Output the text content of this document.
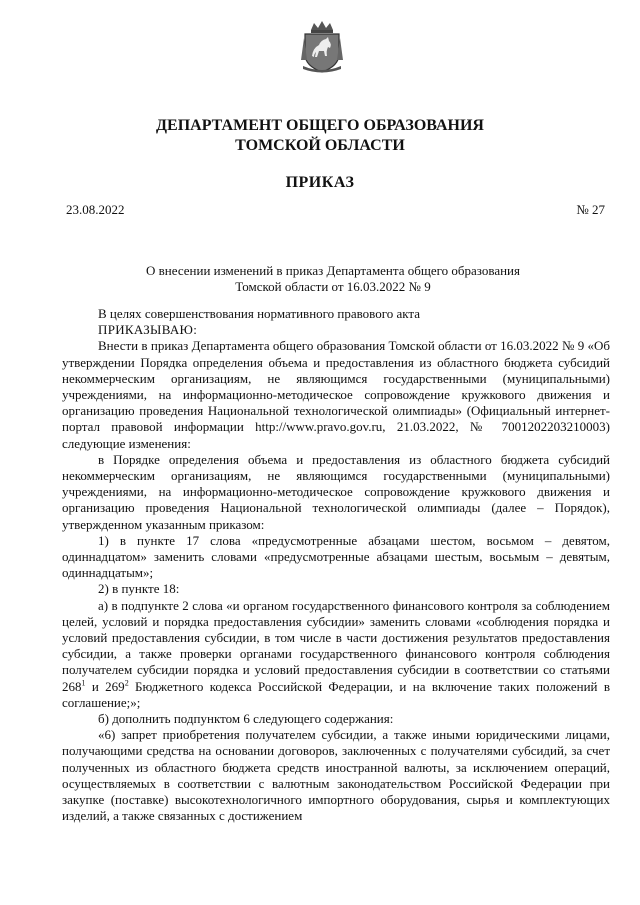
ДЕПАРТАМЕНТ ОБЩЕГО ОБРАЗОВАНИЯ
ТОМСКОЙ ОБЛАСТИ
ПРИКАЗ
23.08.2022	№ 27
О внесении изменений в приказ Департамента общего образования
Томской области от 16.03.2022 № 9

В целях совершенствования нормативного правового акта

ПРИКАЗЫВАЮ:

Внести в приказ Департамента общего образования Томской области от 16.03.2022 № 9 «Об утверждении Порядка определения объема и предоставления из областного бюджета субсидий некоммерческим организациям, не являющимся государственными (муниципальными) учреждениями, на информационно-методическое сопровождение кружкового движения и организацию проведения Национальной технологической олимпиады» (Официальный интернет-портал правовой информации http://www.pravo.gov.ru, 21.03.2022, № 7001202203210003) следующие изменения:

в Порядке определения объема и предоставления из областного бюджета субсидий некоммерческим организациям, не являющимся государственными (муниципальными) учреждениями, на информационно-методическое сопровождение кружкового движения и организацию проведения Национальной технологической олимпиады (далее – Порядок), утвержденном указанным приказом:

1) в пункте 17 слова «предусмотренные абзацами шестом, восьмом – девятом, одиннадцатом» заменить словами «предусмотренные абзацами шестым, восьмым – девятым, одиннадцатым»;

2) в пункте 18:

а) в подпункте 2 слова «и органом государственного финансового контроля за соблюдением целей, условий и порядка предоставления субсидии» заменить словами «соблюдения порядка и условий предоставления субсидии, в том числе в части достижения результатов предоставления субсидии, а также проверки органами государственного финансового контроля соблюдения получателем субсидии порядка и условий предоставления субсидии в соответствии со статьями $268^1$ и $269^2$ Бюджетного кодекса Российской Федерации, и на включение таких положений в соглашение;»;

б) дополнить подпунктом 6 следующего содержания:

«6) запрет приобретения получателем субсидии, а также иными юридическими лицами, получающими средства на основании договоров, заключенных с получателями субсидий, за счет полученных из областного бюджета средств иностранной валюты, за исключением операций, осуществляемых в соответствии с валютным законодательством Российской Федерации при закупке (поставке) высокотехнологичного импортного оборудования, сырья и комплектующих изделий, а также связанных с достижением
